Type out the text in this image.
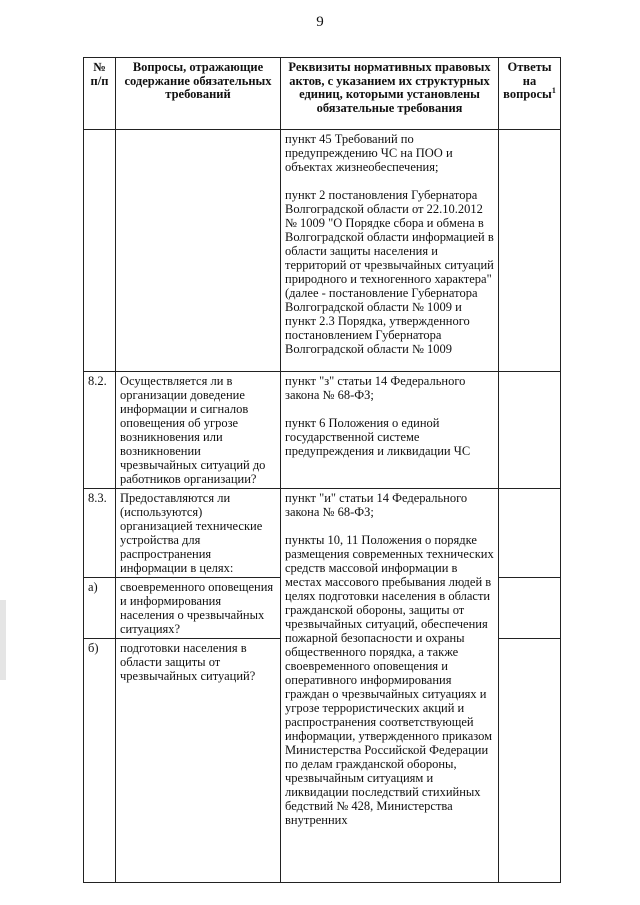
9
№ п/п	Вопросы, отражающие содержание обязательных требований	Реквизиты нормативных правовых актов, с указанием их структурных единиц, которыми установлены обязательные требования	Ответы на вопросы$^1$
		пункт 45 Требований по предупреждению ЧС на ПОО и объектах жизнеобеспечения;

пункт 2 постановления Губернатора Волгоградской области от 22.10.2012 № 1009 "О Порядке сбора и обмена в Волгоградской области информацией в области защиты населения и территорий от чрезвычайных ситуаций природного и техногенного характера" (далее - постановление Губернатора Волгоградской области № 1009 и пункт 2.3 Порядка, утвержденного постановлением Губернатора Волгоградской области № 1009	
8.2.	Осуществляется ли в организации доведение информации и сигналов оповещения об угрозе возникновения или возникновении чрезвычайных ситуаций до работников организации?	пункт "з" статьи 14 Федерального закона № 68-ФЗ;

пункт 6 Положения о единой государственной системе предупреждения и ликвидации ЧС	
8.3.	Предоставляются ли (используются) организацией технические устройства для распространения информации в целях:	пункт "и" статьи 14 Федерального закона № 68-ФЗ;

пункты 10, 11 Положения о порядке размещения современных технических средств массовой информации в местах массового пребывания людей в целях подготовки населения в области гражданской обороны, защиты от чрезвычайных ситуаций, обеспечения пожарной безопасности и охраны общественного порядка, а также своевременного оповещения и оперативного информирования граждан о чрезвычайных ситуациях и угрозе террористических акций и распространения соответствующей информации, утвержденного приказом Министерства Российской Федерации по делам гражданской обороны, чрезвычайным ситуациям и ликвидации последствий стихийных бедствий № 428, Министерства внутренних	
а)	своевременного оповещения и информирования населения о чрезвычайных ситуациях?		
б)	подготовки населения в области защиты от чрезвычайных ситуаций?		
